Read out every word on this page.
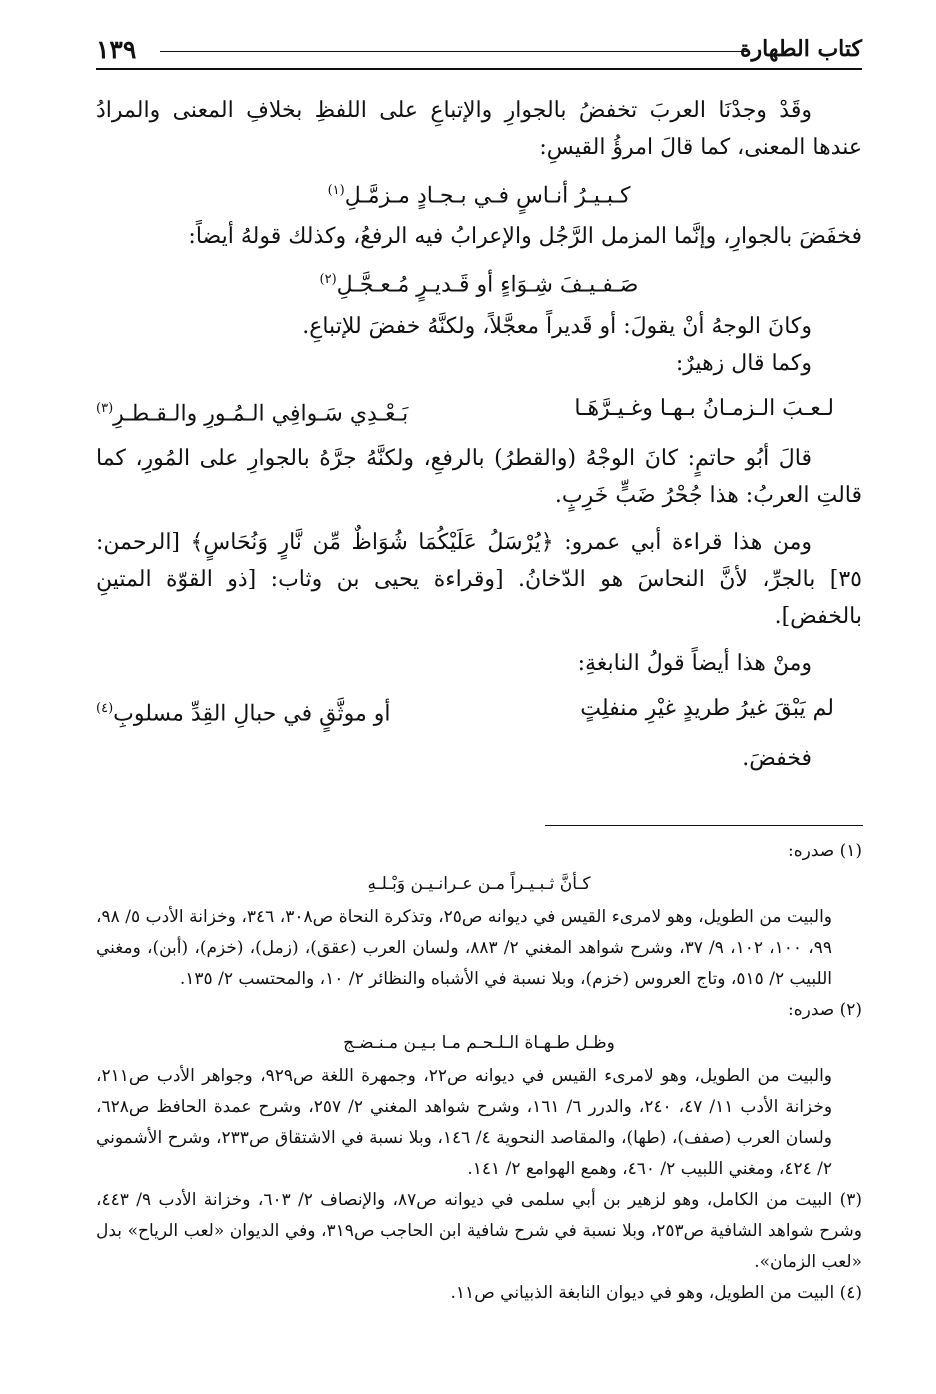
١٣٩	كتاب الطهارة

وقَدْ وجدْنَا العربَ تخفضُ بالجوارِ والإتباعِ على اللفظِ بخلافِ المعنى والمرادُ عندها المعنى، كما قالَ امرؤُ القيسِ:

كـبـيـرُ أنـاسٍ فـي بـجـادٍ مـزمَّـلِ$^{(١)}$

فخفَضَ بالجوارِ، وإنَّما المزمل الرَّجُل والإعرابُ فيه الرفعُ، وكذلك قولهُ أيضاً:

صَـفـيـفَ شِـوَاءٍ أو قَـديـرٍ مُـعـجَّـلِ$^{(٢)}$

وكانَ الوجهُ أنْ يقولَ: أو قَديراً معجَّلاً، ولكنَّهُ خفضَ للإتباعِ.

وكما قال زهيرٌ:

لـعـبَ الـزمـانُ بـهـا وغـيـرَّهَـا
بَـعْـدِي سَـوافِي الـمُـورِ والـقـطـرِ$^{(٣)}$

قالَ أبُو حاتمٍ: كانَ الوجْهُ (والقطرُ) بالرفعِ، ولكنَّهُ جرَّهُ بالجوارِ على المُورِ، كما قالتِ العربُ: هذا جُحْرُ ضَبٍّ خَرِبٍ.

ومن هذا قراءة أبي عمرو: ﴿يُرْسَلُ عَلَيْكُمَا شُوَاظٌ مِّن نَّارٍ وَنُحَاسٍ﴾ [الرحمن: ٣٥] بالجرِّ، لأنَّ النحاسَ هو الدّخانُ. [وقراءة يحيى بن وثاب: [ذو القوّة المتينِ بالخفض].

ومنْ هذا أيضاً قولُ النابغةِ:

لم يَبْقَ غيرُ طريدٍ غيْرِ منفلِتٍ
أو موثَّقٍ في حبالِ القِدِّ مسلوبِ$^{(٤)}$

فخفضَ.

(١) صدره:

كـأنَّ ثـبـيـراً مـن عـرانـيـن وَبْـلـهِ

والبيت من الطويل، وهو لامرىء القيس في ديوانه ص٢٥، وتذكرة النحاة ص٣٠٨، ٣٤٦، وخزانة الأدب ٥/ ٩٨، ٩٩، ١٠٠، ١٠٢، ٩/ ٣٧، وشرح شواهد المغني ٢/ ٨٨٣، ولسان العرب (عقق)، (زمل)، (خزم)، (أبن)، ومغني اللبيب ٢/ ٥١٥، وتاج العروس (خزم)، وبلا نسبة في الأشباه والنظائر ٢/ ١٠، والمحتسب ٢/ ١٣٥.

(٢) صدره:

وظـل طـهـاة الـلـحـم مـا بـيـن مـنـضـج

والبيت من الطويل، وهو لامرىء القيس في ديوانه ص٢٢، وجمهرة اللغة ص٩٢٩، وجواهر الأدب ص٢١١، وخزانة الأدب ١١/ ٤٧، ٢٤٠، والدرر ٦/ ١٦١، وشرح شواهد المغني ٢/ ٢٥٧، وشرح عمدة الحافظ ص٦٢٨، ولسان العرب (صفف)، (طها)، والمقاصد النحوية ٤/ ١٤٦، وبلا نسبة في الاشتقاق ص٢٣٣، وشرح الأشموني ٢/ ٤٢٤، ومغني اللبيب ٢/ ٤٦٠، وهمع الهوامع ٢/ ١٤١.

(٣) البيت من الكامل، وهو لزهير بن أبي سلمى في ديوانه ص٨٧، والإنصاف ٢/ ٦٠٣، وخزانة الأدب ٩/ ٤٤٣، وشرح شواهد الشافية ص٢٥٣، وبلا نسبة في شرح شافية ابن الحاجب ص٣١٩، وفي الديوان «لعب الرياح» بدل «لعب الزمان».

(٤) البيت من الطويل، وهو في ديوان النابغة الذبياني ص١١.
